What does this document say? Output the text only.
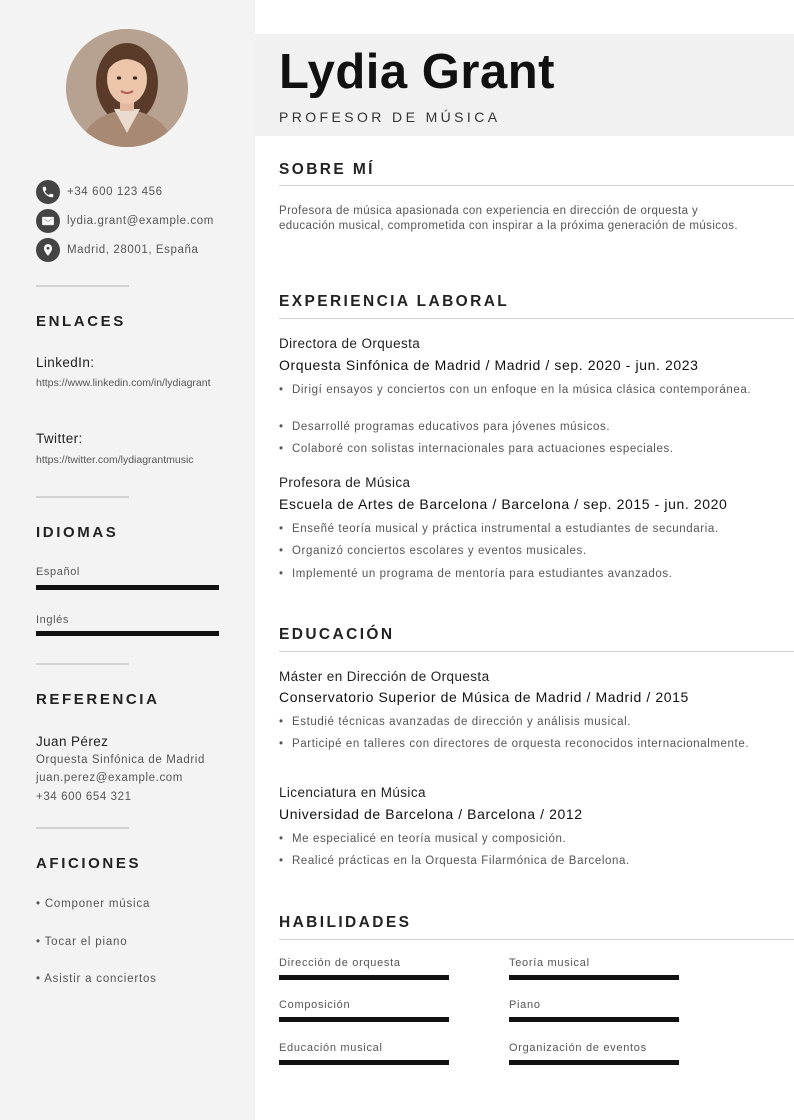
+34 600 123 456
lydia.grant@example.com
Madrid, 28001, España
ENLACES
LinkedIn:
https://www.linkedin.com/in/lydiagrant
Twitter:
https://twitter.com/lydiagrantmusic
IDIOMAS
Español
Inglés
REFERENCIA
Juan Pérez
Orquesta Sinfónica de Madrid
juan.perez@example.com
+34 600 654 321
AFICIONES
• Componer música
• Tocar el piano
• Asistir a conciertos
Lydia Grant
PROFESOR DE MÚSICA
SOBRE MÍ
Profesora de música apasionada con experiencia en dirección de orquesta y educación musical, comprometida con inspirar a la próxima generación de músicos.
EXPERIENCIA LABORAL
Directora de Orquesta
Orquesta Sinfónica de Madrid / Madrid / sep. 2020 - jun. 2023
• Dirigí ensayos y conciertos con un enfoque en la música clásica contemporánea.
• Desarrollé programas educativos para jóvenes músicos.
• Colaboré con solistas internacionales para actuaciones especiales.
Profesora de Música
Escuela de Artes de Barcelona / Barcelona / sep. 2015 - jun. 2020
• Enseñé teoría musical y práctica instrumental a estudiantes de secundaria.
• Organizó conciertos escolares y eventos musicales.
• Implementé un programa de mentoría para estudiantes avanzados.
EDUCACIÓN
Máster en Dirección de Orquesta
Conservatorio Superior de Música de Madrid / Madrid / 2015
• Estudié técnicas avanzadas de dirección y análisis musical.
• Participé en talleres con directores de orquesta reconocidos internacionalmente.
Licenciatura en Música
Universidad de Barcelona / Barcelona / 2012
• Me especialicé en teoría musical y composición.
• Realicé prácticas en la Orquesta Filarmónica de Barcelona.
HABILIDADES
Dirección de orquesta	Teoría musical
Composición	Piano
Educación musical	Organización de eventos
